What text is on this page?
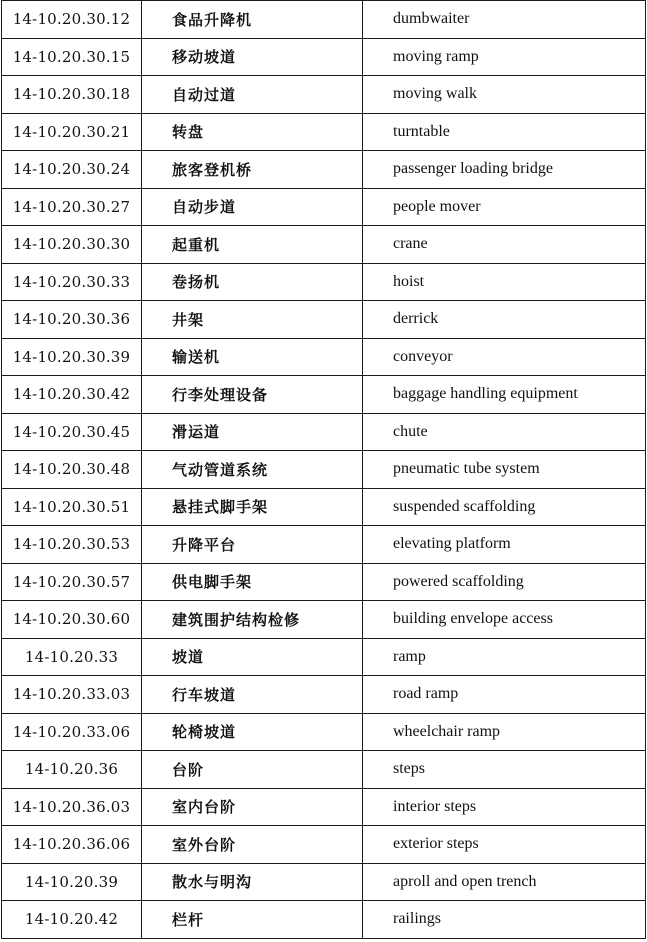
14-10.20.30.12	食品升降机	dumbwaiter
14-10.20.30.15	移动坡道	moving ramp
14-10.20.30.18	自动过道	moving walk
14-10.20.30.21	转盘	turntable
14-10.20.30.24	旅客登机桥	passenger loading bridge
14-10.20.30.27	自动步道	people mover
14-10.20.30.30	起重机	crane
14-10.20.30.33	卷扬机	hoist
14-10.20.30.36	井架	derrick
14-10.20.30.39	输送机	conveyor
14-10.20.30.42	行李处理设备	baggage handling equipment
14-10.20.30.45	滑运道	chute
14-10.20.30.48	气动管道系统	pneumatic tube system
14-10.20.30.51	悬挂式脚手架	suspended scaffolding
14-10.20.30.53	升降平台	elevating platform
14-10.20.30.57	供电脚手架	powered scaffolding
14-10.20.30.60	建筑围护结构检修	building envelope access
14-10.20.33	坡道	ramp
14-10.20.33.03	行车坡道	road ramp
14-10.20.33.06	轮椅坡道	wheelchair ramp
14-10.20.36	台阶	steps
14-10.20.36.03	室内台阶	interior steps
14-10.20.36.06	室外台阶	exterior steps
14-10.20.39	散水与明沟	aproll and open trench
14-10.20.42	栏杆	railings
